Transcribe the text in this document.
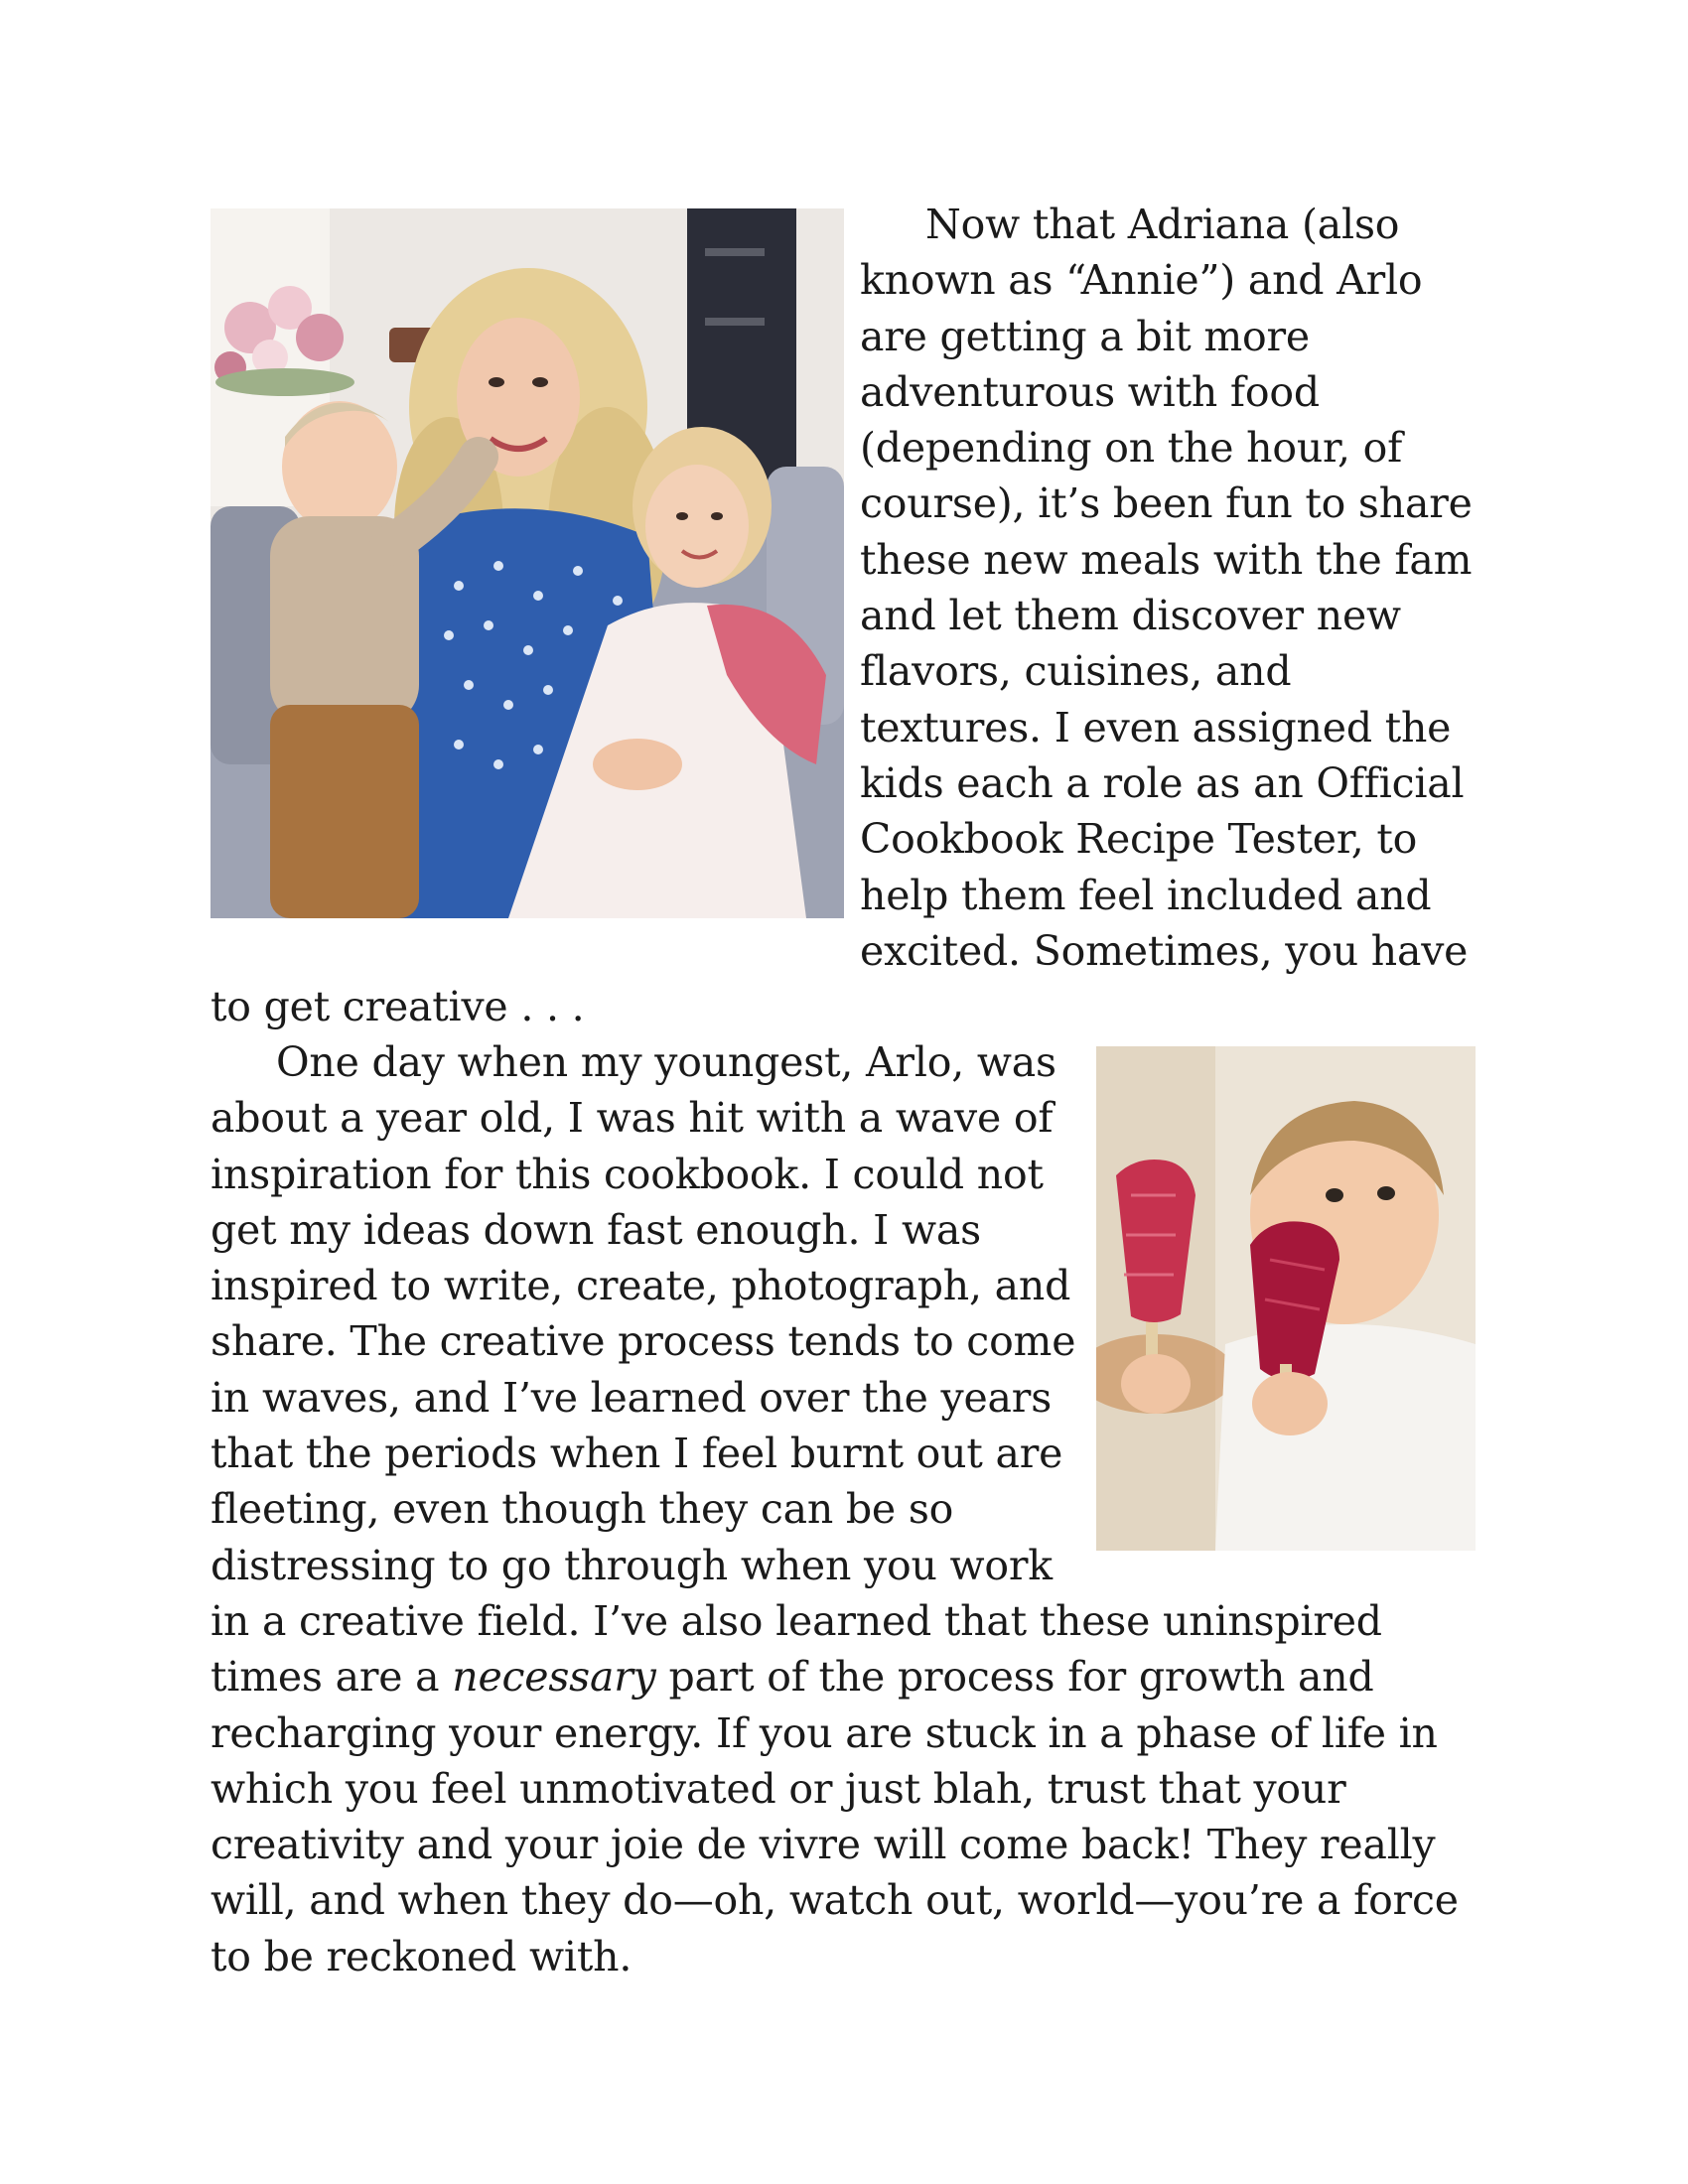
Now that Adriana (also
known as “Annie”) and Arlo
are getting a bit more
adventurous with food
(depending on the hour, of
course), it’s been fun to share
these new meals with the fam
and let them discover new
flavors, cuisines, and
textures. I even assigned the
kids each a role as an Official
Cookbook Recipe Tester, to
help them feel included and
excited. Sometimes, you have

to get creative . . .

One day when my youngest, Arlo, was
about a year old, I was hit with a wave of
inspiration for this cookbook. I could not
get my ideas down fast enough. I was
inspired to write, create, photograph, and
share. The creative process tends to come
in waves, and I’ve learned over the years
that the periods when I feel burnt out are
fleeting, even though they can be so
distressing to go through when you work

in a creative field. I’ve also learned that these uninspired
times are a necessary part of the process for growth and
recharging your energy. If you are stuck in a phase of life in
which you feel unmotivated or just blah, trust that your
creativity and your joie de vivre will come back! They really
will, and when they do—oh, watch out, world—you’re a force
to be reckoned with.
